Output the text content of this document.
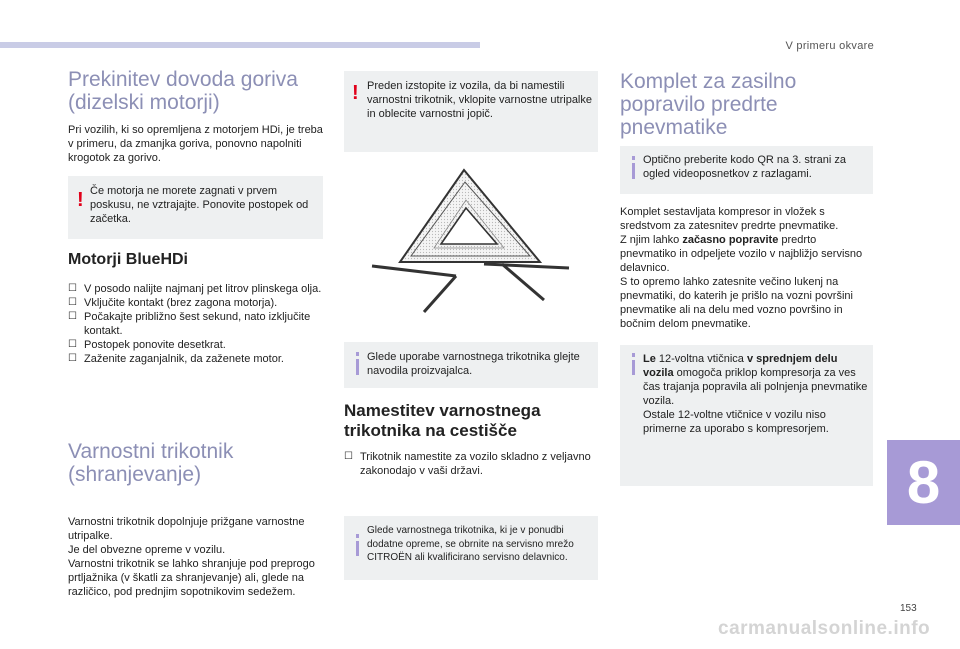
V primeru okvare
Prekinitev dovoda goriva (dizelski motorji)

Pri vozilih, ki so opremljena z motorjem HDi, je treba v primeru, da zmanjka goriva, ponovno napolniti krogotok za gorivo.

! Če motorja ne morete zagnati v prvem poskusu, ne vztrajajte. Ponovite postopek od začetka.

Motorji BlueHDi
☐ V posodo nalijte najmanj pet litrov plinskega olja.
☐ Vključite kontakt (brez zagona motorja).
☐ Počakajte približno šest sekund, nato izključite kontakt.
☐ Postopek ponovite desetkrat.
☐ Zaženite zaganjalnik, da zaženete motor.
Varnostni trikotnik (shranjevanje)

Varnostni trikotnik dopolnjuje prižgane varnostne utripalke.
Je del obvezne opreme v vozilu.
Varnostni trikotnik se lahko shranjuje pod preprogo prtljažnika (v škatli za shranjevanje) ali, glede na različico, pod prednjim sopotnikovim sedežem.

! Preden izstopite iz vozila, da bi namestili varnostni trikotnik, vklopite varnostne utripalke in oblecite varnostni jopič.

Glede uporabe varnostnega trikotnika glejte navodila proizvajalca.

Namestitev varnostnega trikotnika na cestišče
☐ Trikotnik namestite za vozilo skladno z veljavno zakonodajo v vaši državi.

Glede varnostnega trikotnika, ki je v ponudbi dodatne opreme, se obrnite na servisno mrežo CITROËN ali kvalificirano servisno delavnico.

Komplet za zasilno popravilo predrte pnevmatike

Optično preberite kodo QR na 3. strani za ogled videoposnetkov z razlagami.

Komplet sestavljata kompresor in vložek s sredstvom za zatesnitev predrte pnevmatike.
Z njim lahko začasno popravite predrto pnevmatiko in odpeljete vozilo v najbližjo servisno delavnico.
S to opremo lahko zatesnite večino lukenj na pnevmatiki, do katerih je prišlo na vozni površini pnevmatike ali na delu med vozno površino in bočnim delom pnevmatike.

Le 12-voltna vtičnica v sprednjem delu vozila omogoča priklop kompresorja za ves čas trajanja popravila ali polnjenja pnevmatike vozila.
Ostale 12-voltne vtičnice v vozilu niso primerne za uporabo s kompresorjem.

8
153
carmanualsonline.info
